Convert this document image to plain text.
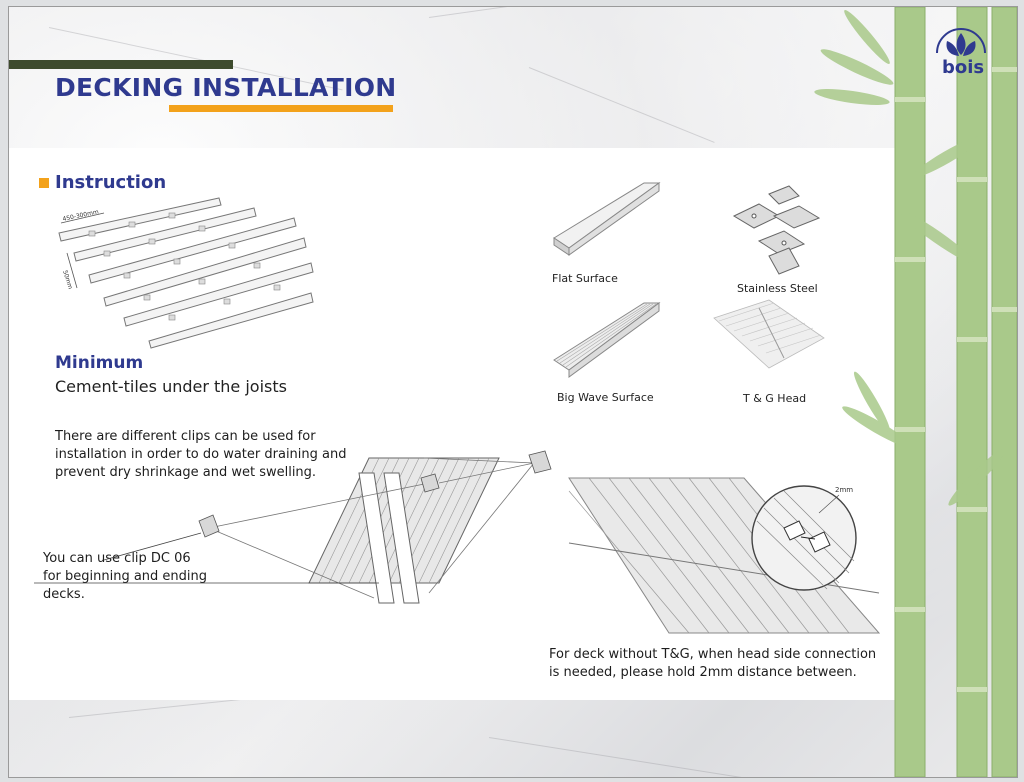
DECKING INSTALLATION
Instruction
450-300mm
50mm
Minimum
Cement-tiles under the joists
There are different clips can be used for installation in order to do water draining and prevent dry shrinkage and wet swelling.
You can use clip DC 06 for beginning and ending decks.
Flat Surface
Stainless Steel
Big Wave Surface	T & G Head
2mm
For deck without T&G, when head side connection is needed, please hold 2mm distance between.
bois
